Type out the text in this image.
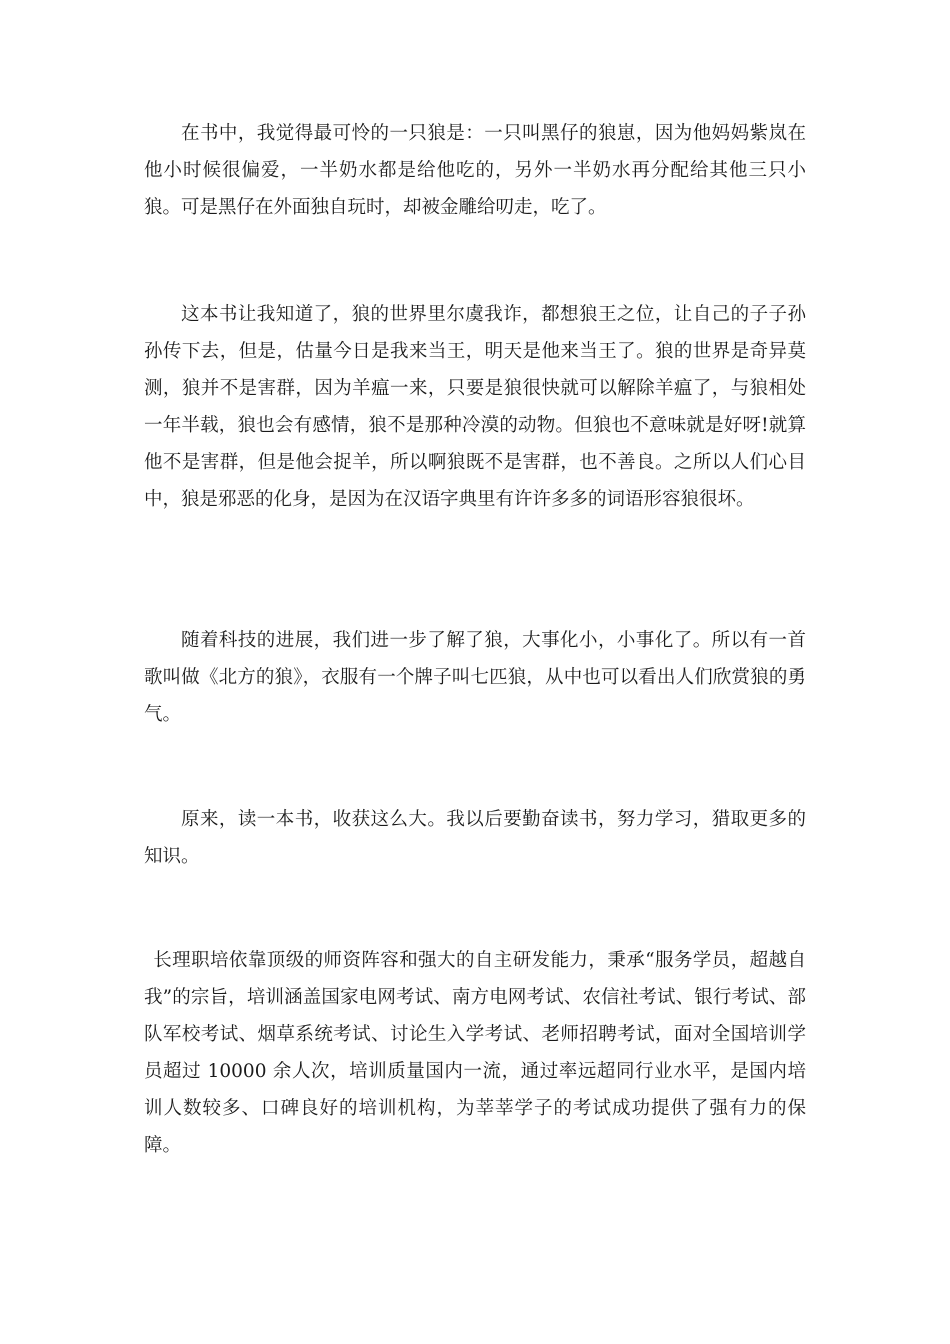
在书中，我觉得最可怜的一只狼是：一只叫黑仔的狼崽，因为他妈妈紫岚在他小时候很偏爱，一半奶水都是给他吃的，另外一半奶水再分配给其他三只小狼。可是黑仔在外面独自玩时，却被金雕给叨走，吃了。

这本书让我知道了，狼的世界里尔虞我诈，都想狼王之位，让自己的子子孙孙传下去，但是，估量今日是我来当王，明天是他来当王了。狼的世界是奇异莫测，狼并不是害群，因为羊瘟一来，只要是狼很快就可以解除羊瘟了，与狼相处一年半载，狼也会有感情，狼不是那种冷漠的动物。但狼也不意味就是好呀!就算他不是害群，但是他会捉羊，所以啊狼既不是害群，也不善良。之所以人们心目中，狼是邪恶的化身，是因为在汉语字典里有许许多多的词语形容狼很坏。

随着科技的进展，我们进一步了解了狼，大事化小，小事化了。所以有一首歌叫做《北方的狼》，衣服有一个牌子叫七匹狼，从中也可以看出人们欣赏狼的勇气。

原来，读一本书，收获这么大。我以后要勤奋读书，努力学习，猎取更多的知识。

长理职培依靠顶级的师资阵容和强大的自主研发能力，秉承“服务学员，超越自我”的宗旨，培训涵盖国家电网考试、南方电网考试、农信社考试、银行考试、部队军校考试、烟草系统考试、讨论生入学考试、老师招聘考试，面对全国培训学员超过 10000 余人次，培训质量国内一流，通过率远超同行业水平，是国内培训人数较多、口碑良好的培训机构，为莘莘学子的考试成功提供了强有力的保障。
